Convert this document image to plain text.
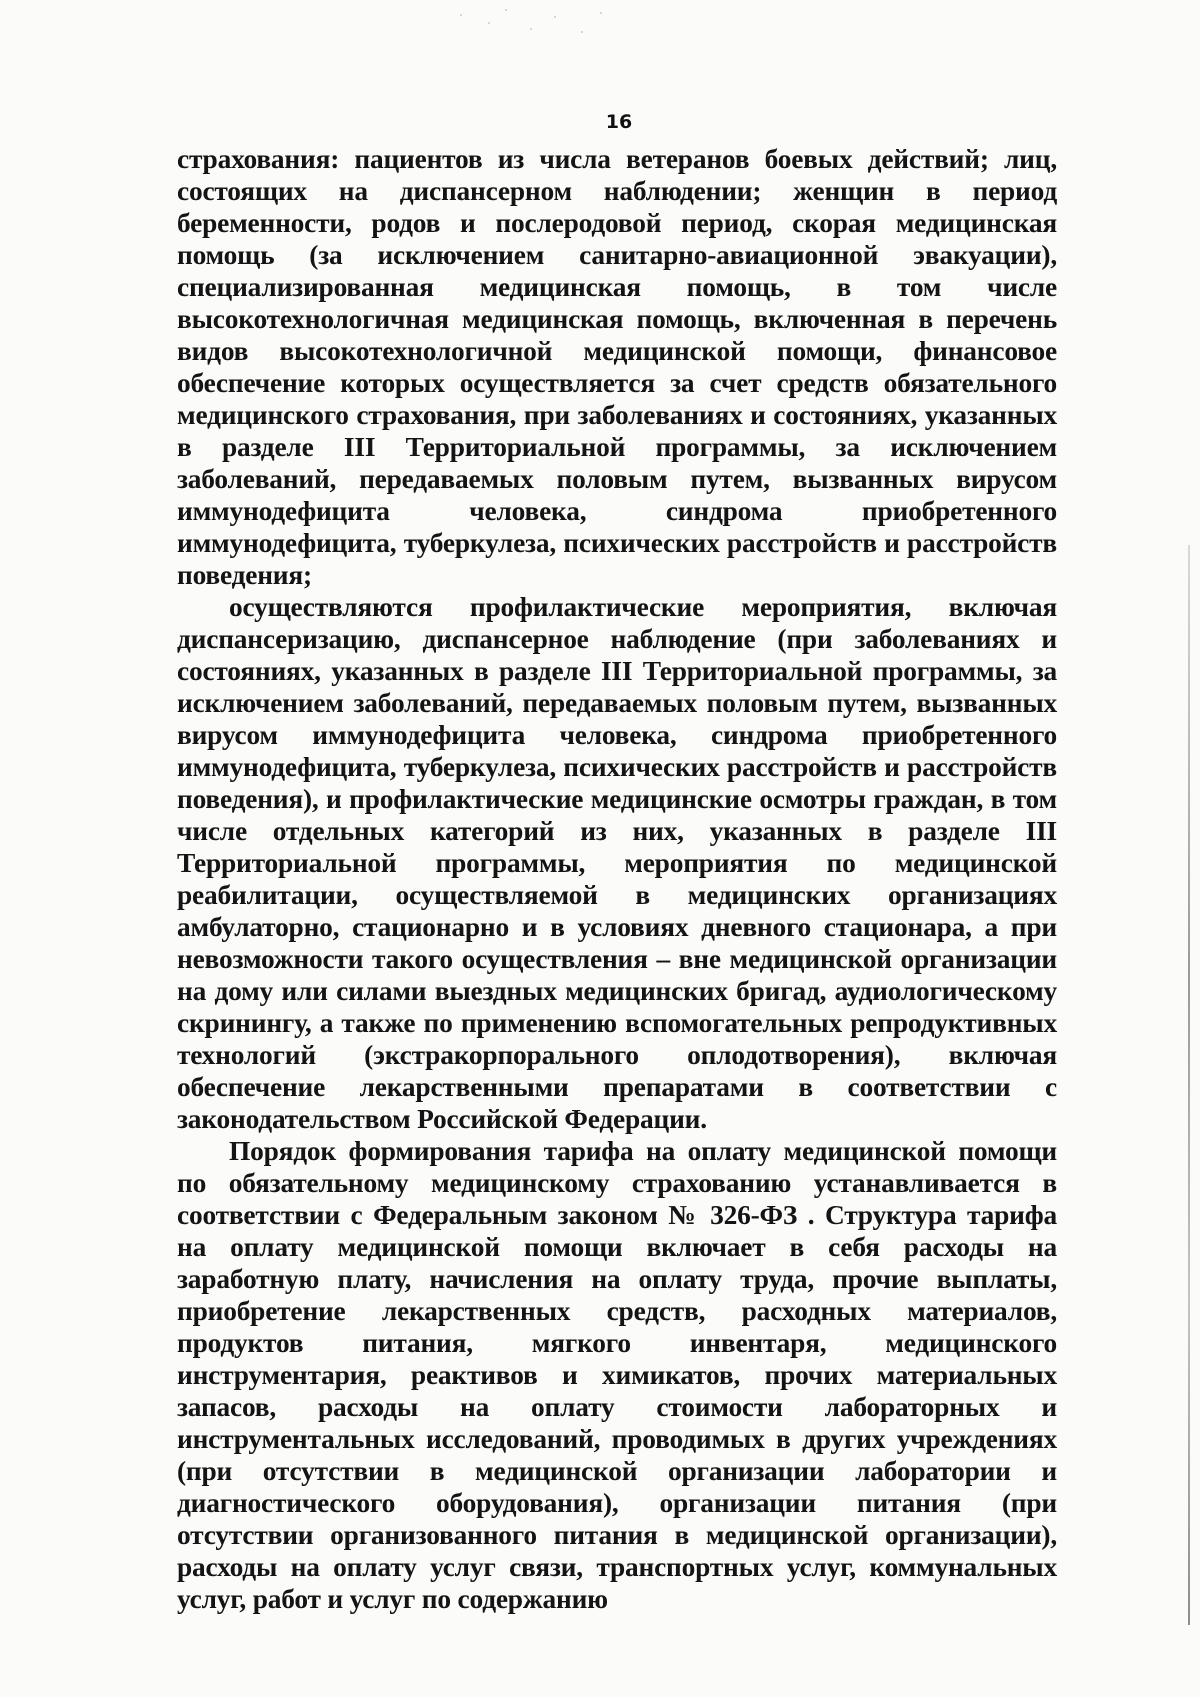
16

страхования: пациентов из числа ветеранов боевых действий; лиц, состоящих на диспансерном наблюдении; женщин в период беременности, родов и послеродовой период, скорая медицинская помощь (за исключением санитарно-авиационной эвакуации), специализированная медицинская помощь, в том числе высокотехнологичная медицинская помощь, включенная в перечень видов высокотехнологичной медицинской помощи, финансовое обеспечение которых осуществляется за счет средств обязательного медицинского страхования, при заболеваниях и состояниях, указанных в разделе III Территориальной программы, за исключением заболеваний, передаваемых половым путем, вызванных вирусом иммунодефицита человека, синдрома приобретенного иммунодефицита, туберкулеза, психических расстройств и расстройств поведения;

осуществляются профилактические мероприятия, включая диспансеризацию, диспансерное наблюдение (при заболеваниях и состояниях, указанных в разделе III Территориальной программы, за исключением заболеваний, передаваемых половым путем, вызванных вирусом иммунодефицита человека, синдрома приобретенного иммунодефицита, туберкулеза, психических расстройств и расстройств поведения), и профилактические медицинские осмотры граждан, в том числе отдельных категорий из них, указанных в разделе III Территориальной программы, мероприятия по медицинской реабилитации, осуществляемой в медицинских организациях амбулаторно, стационарно и в условиях дневного стационара, а при невозможности такого осуществления – вне медицинской организации на дому или силами выездных медицинских бригад, аудиологическому скринингу, а также по применению вспомогательных репродуктивных технологий (экстракорпорального оплодотворения), включая обеспечение лекарственными препаратами в соответствии с законодательством Российской Федерации.

Порядок формирования тарифа на оплату медицинской помощи по обязательному медицинскому страхованию устанавливается в соответствии с Федеральным законом № 326-ФЗ . Структура тарифа на оплату медицинской помощи включает в себя расходы на заработную плату, начисления на оплату труда, прочие выплаты, приобретение лекарственных средств, расходных материалов, продуктов питания, мягкого инвентаря, медицинского инструментария, реактивов и химикатов, прочих материальных запасов, расходы на оплату стоимости лабораторных и инструментальных исследований, проводимых в других учреждениях (при отсутствии в медицинской организации лаборатории и диагностического оборудования), организации питания (при отсутствии организованного питания в медицинской организации), расходы на оплату услуг связи, транспортных услуг, коммунальных услуг, работ и услуг по содержанию
